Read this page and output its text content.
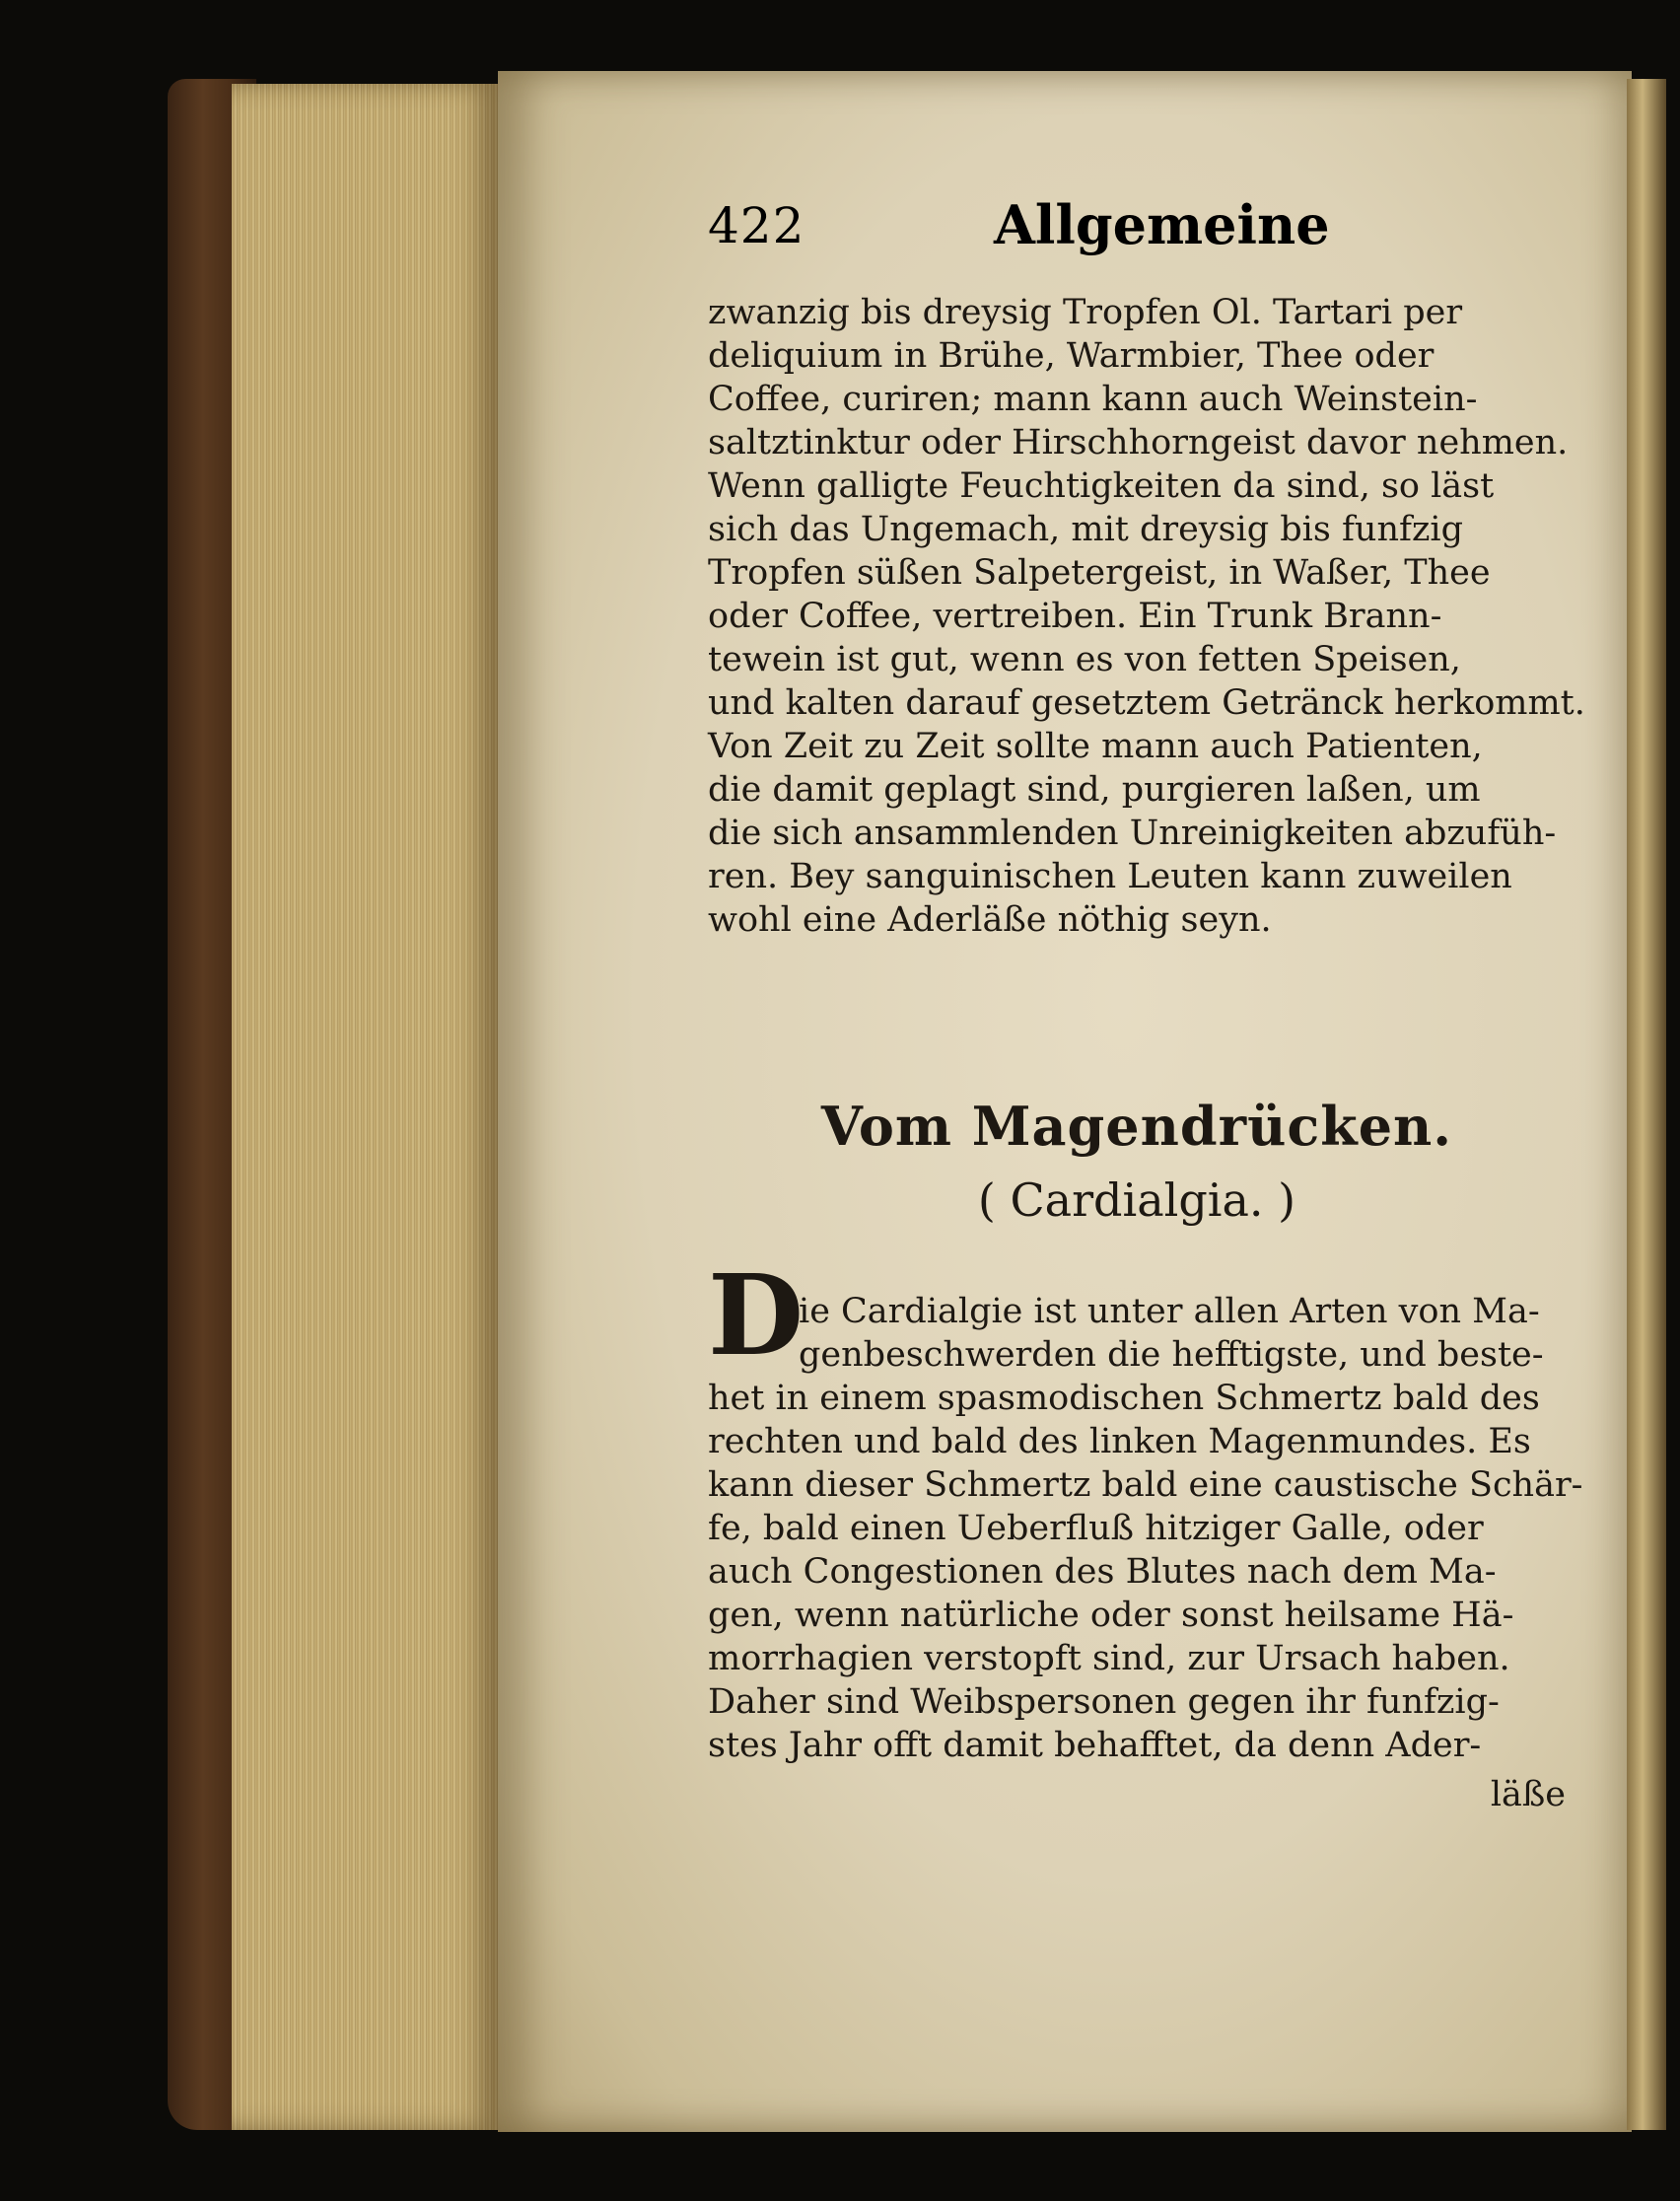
422	Allgemeine
zwanzig bis dreysig Tropfen Ol. Tartari per
deliquium in Brühe, Warmbier, Thee oder
Coffee, curiren; mann kann auch Weinstein-
saltztinktur oder Hirschhorngeist davor nehmen.
Wenn galligte Feuchtigkeiten da sind, so läst
sich das Ungemach, mit dreysig bis funfzig
Tropfen süßen Salpetergeist, in Waßer, Thee
oder Coffee, vertreiben. Ein Trunk Brann-
tewein ist gut, wenn es von fetten Speisen,
und kalten darauf gesetztem Getränck herkommt.
Von Zeit zu Zeit sollte mann auch Patienten,
die damit geplagt sind, purgieren laßen, um
die sich ansammlenden Unreinigkeiten abzufüh-
ren. Bey sanguinischen Leuten kann zuweilen
wohl eine Aderläße nöthig seyn.
Vom Magendrücken.
( Cardialgia. )
D
ie Cardialgie ist unter allen Arten von Ma-
genbeschwerden die hefftigste, und beste-
het in einem spasmodischen Schmertz bald des
rechten und bald des linken Magenmundes. Es
kann dieser Schmertz bald eine caustische Schär-
fe, bald einen Ueberfluß hitziger Galle, oder
auch Congestionen des Blutes nach dem Ma-
gen, wenn natürliche oder sonst heilsame Hä-
morrhagien verstopft sind, zur Ursach haben.
Daher sind Weibspersonen gegen ihr funfzig-
stes Jahr offt damit behafftet, da denn Ader-
läße
